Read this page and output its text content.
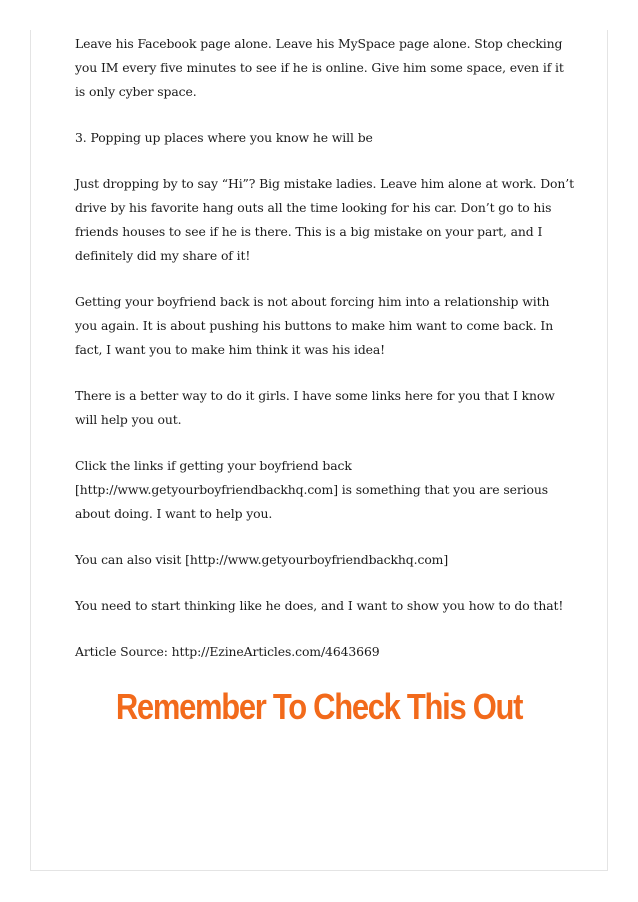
Leave his Facebook page alone. Leave his MySpace page alone. Stop checking you IM every five minutes to see if he is online. Give him some space, even if it is only cyber space.

3. Popping up places where you know he will be

Just dropping by to say “Hi”? Big mistake ladies. Leave him alone at work. Don’t drive by his favorite hang outs all the time looking for his car. Don’t go to his friends houses to see if he is there. This is a big mistake on your part, and I definitely did my share of it!

Getting your boyfriend back is not about forcing him into a relationship with you again. It is about pushing his buttons to make him want to come back. In fact, I want you to make him think it was his idea!

There is a better way to do it girls. I have some links here for you that I know will help you out.

Click the links if getting your boyfriend back [http://www.getyourboyfriendbackhq.com] is something that you are serious about doing. I want to help you.

You can also visit [http://www.getyourboyfriendbackhq.com]

You need to start thinking like he does, and I want to show you how to do that!

Article Source: http://EzineArticles.com/4643669

Remember To Check This Out
